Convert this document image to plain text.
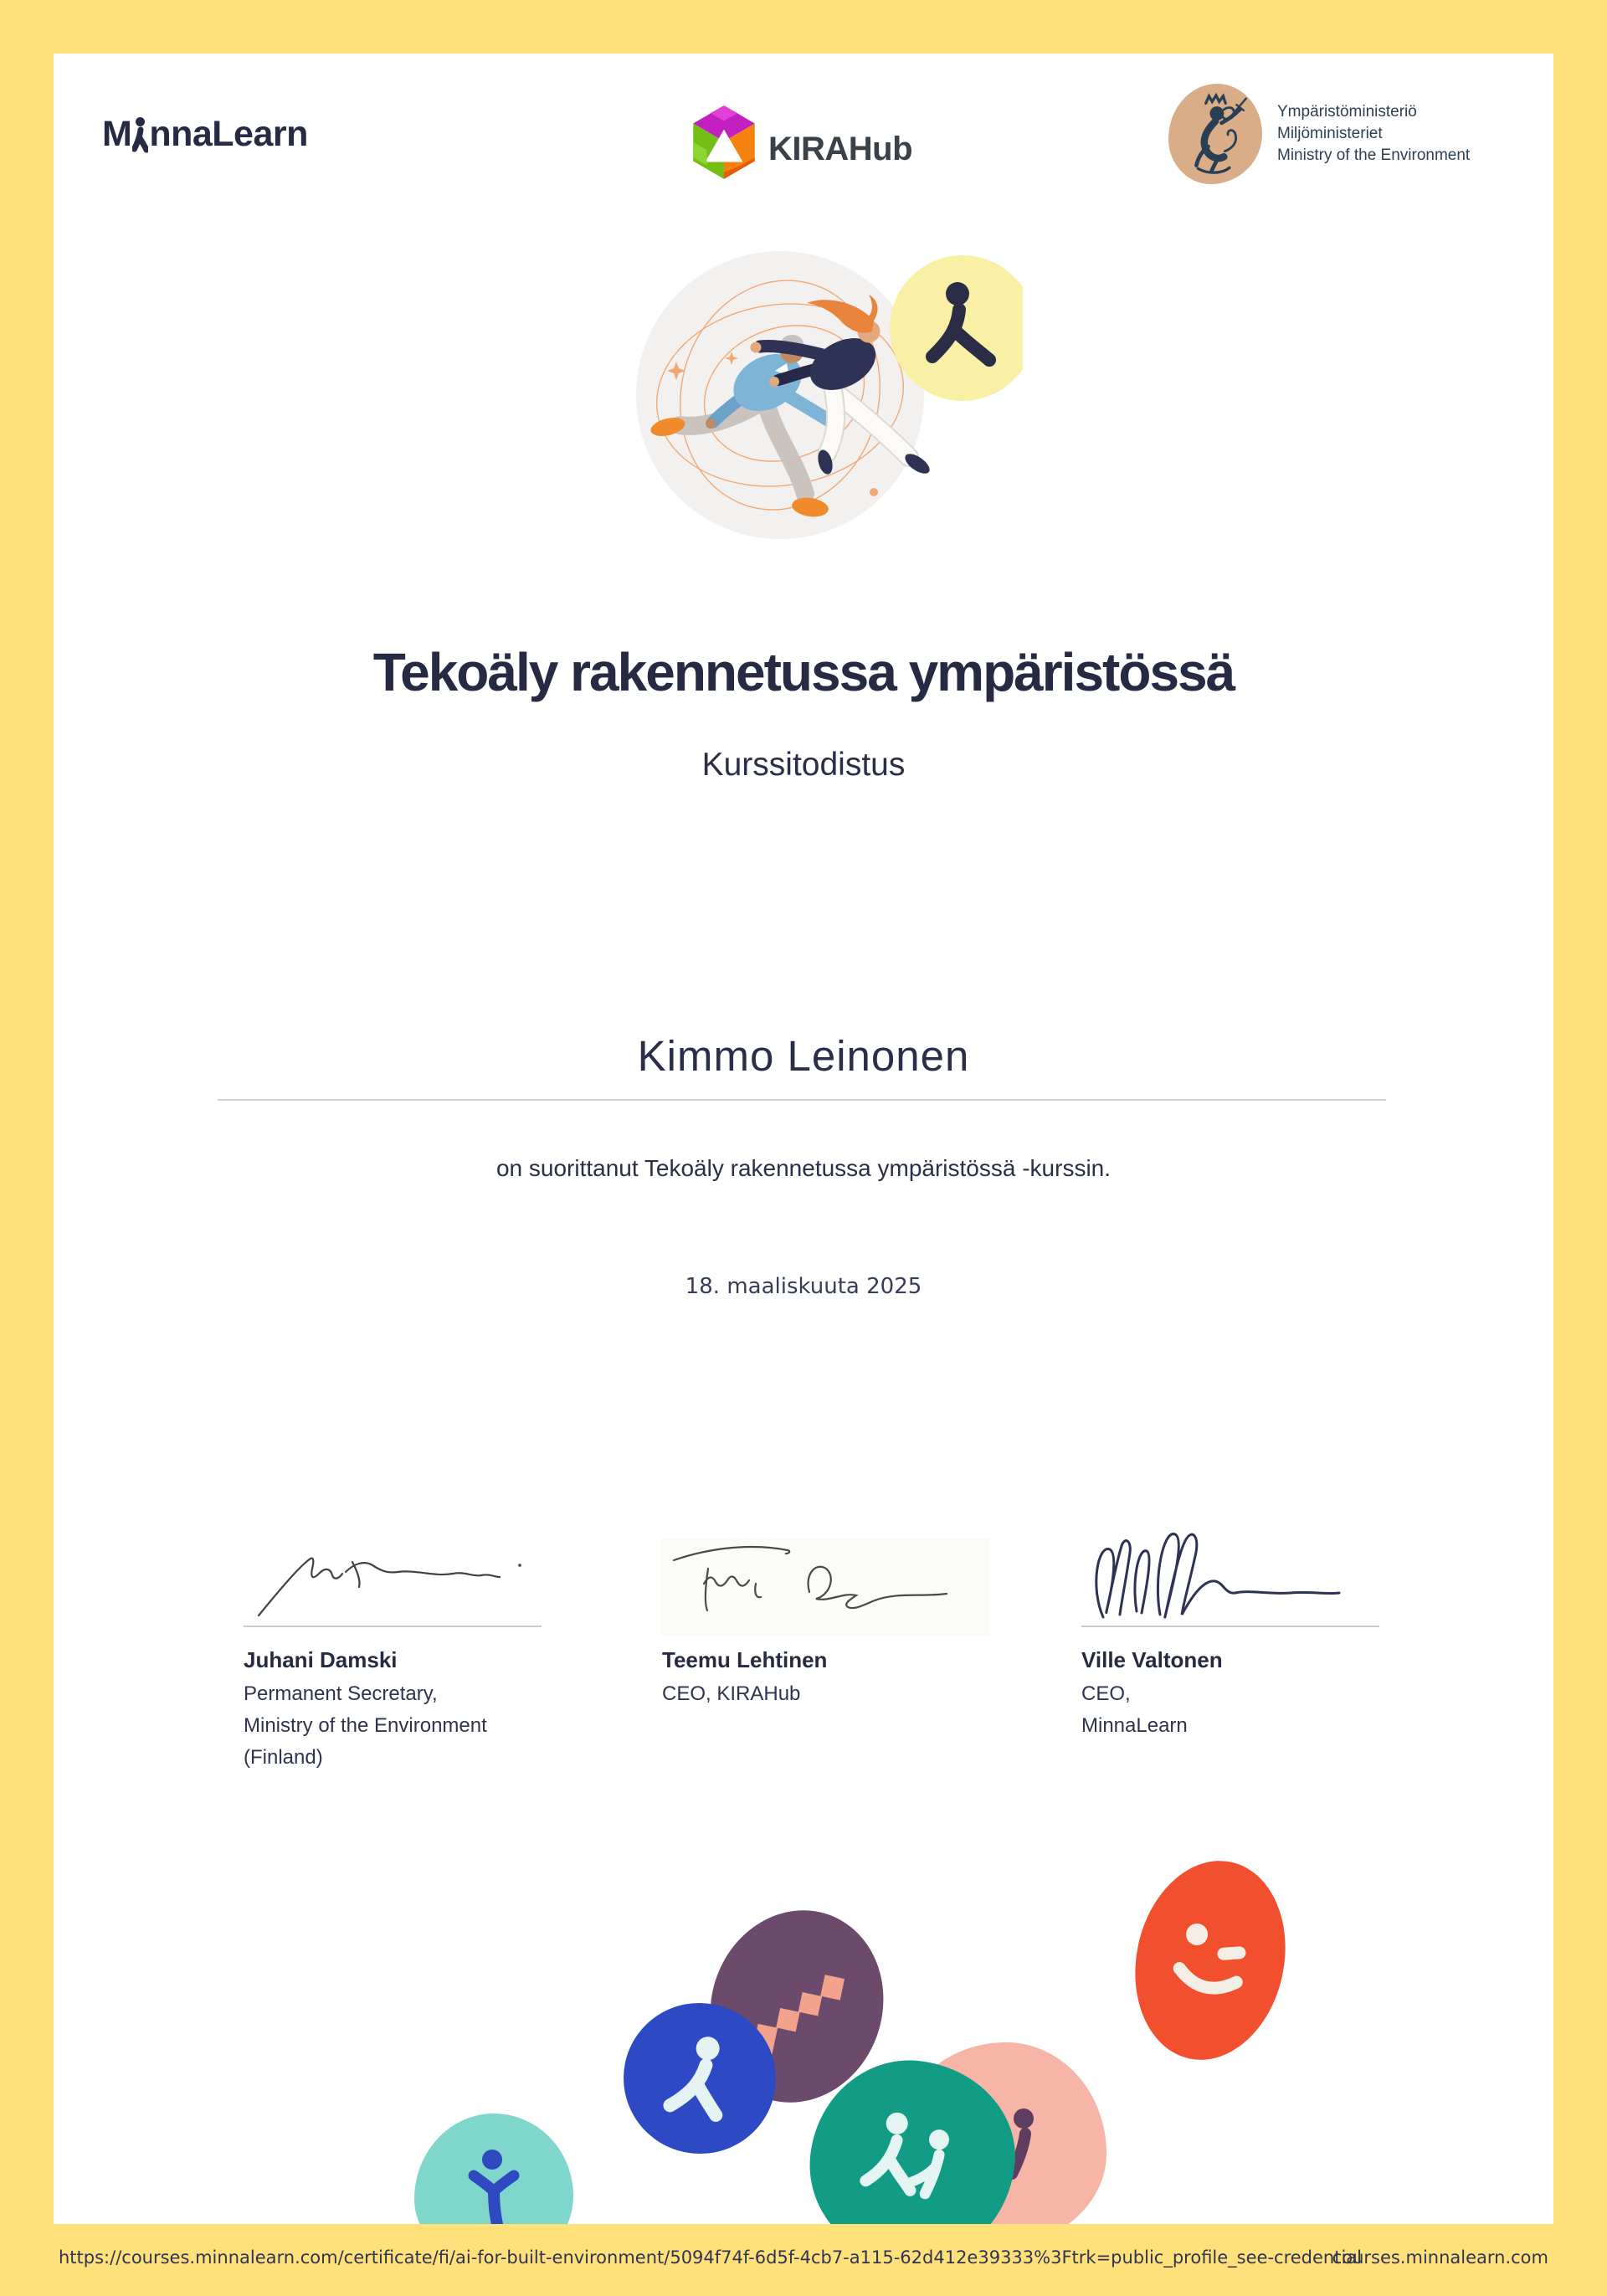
M nnaLearn	KIRAHub
Ympäristöministeriö
Miljöministeriet
Ministry of the Environment
Tekoäly rakennetussa ympäristössä
Kurssitodistus
Kimmo Leinonen
on suorittanut Tekoäly rakennetussa ympäristössä -kurssin.
18. maaliskuuta 2025
Juhani Damski
Permanent Secretary,
Ministry of the Environment
(Finland)
Teemu Lehtinen
CEO, KIRAHub
Ville Valtonen
CEO,
MinnaLearn
https://courses.minnalearn.com/certificate/fi/ai-for-built-environment/5094f74f-6d5f-4cb7-a115-62d412e39333%3Ftrk=public_profile_see-credential
courses.minnalearn.com
